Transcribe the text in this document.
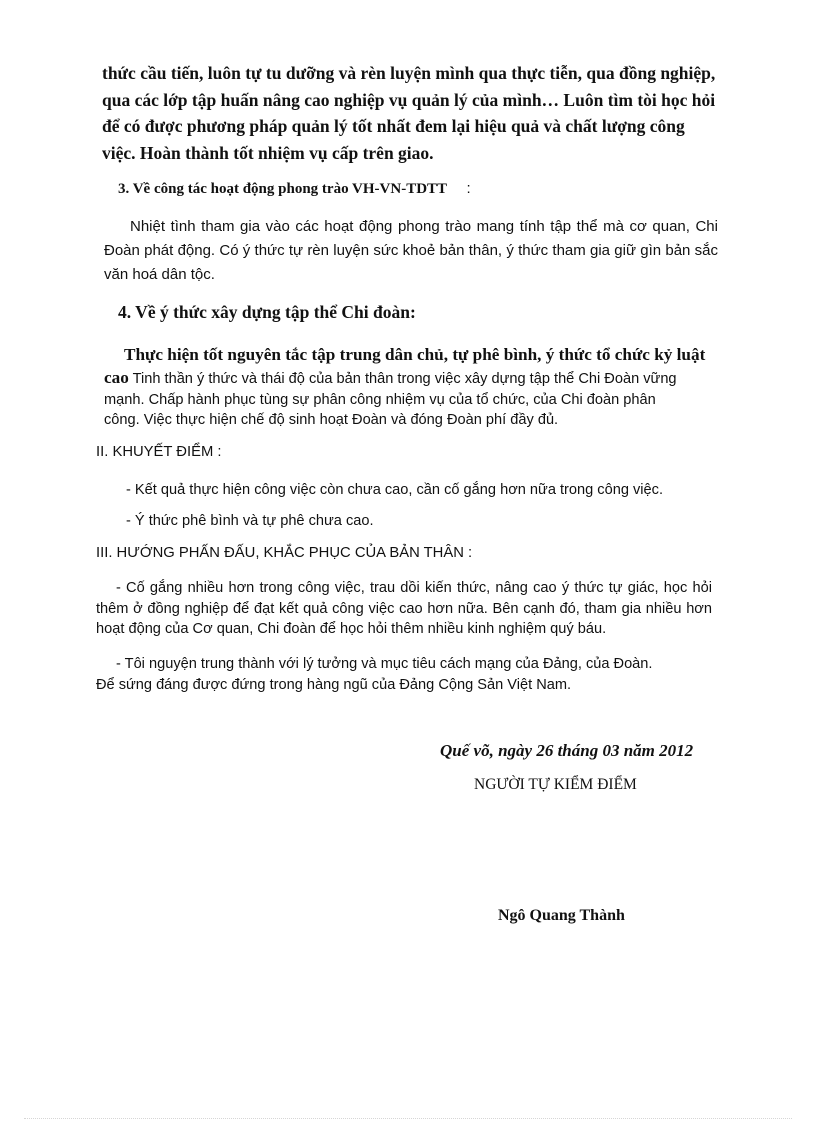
thức cầu tiến, luôn tự tu dưỡng và rèn luyện mình qua thực tiễn, qua đồng nghiệp,
qua các lớp tập huấn nâng cao nghiệp vụ quản lý của mình… Luôn tìm tòi học hỏi
để có được phương pháp quản lý tốt nhất đem lại hiệu quả và chất lượng công
việc. Hoàn thành tốt nhiệm vụ cấp trên giao.
3. Về công tác hoạt động phong trào VH-VN-TDTT :

Nhiệt tình tham gia vào các hoạt động phong trào mang tính tập thể mà cơ quan, Chi Đoàn phát động. Có ý thức tự rèn luyện sức khoẻ bản thân, ý thức tham gia giữ gìn bản sắc văn hoá dân tộc.

4. Về ý thức xây dựng tập thể Chi đoàn:
Thực hiện tốt nguyên tắc tập trung dân chủ, tự phê bình, ý thức tổ chức kỷ luật
cao Tinh thần ý thức và thái độ của bản thân trong việc xây dựng tập thể Chi Đoàn vững
mạnh. Chấp hành phục tùng sự phân công nhiệm vụ của tổ chức, của Chi đoàn phân
công. Việc thực hiện chế độ sinh hoạt Đoàn và đóng Đoàn phí đầy đủ.
II. KHUYẾT ĐIỂM :
- Kết quả thực hiện công việc còn chưa cao, cần cố gắng hơn nữa trong công việc.
- Ý thức phê bình và tự phê chưa cao.
III. HƯỚNG PHẤN ĐẤU, KHẮC PHỤC CỦA BẢN THÂN :

- Cố gắng nhiều hơn trong công việc, trau dồi kiến thức, nâng cao ý thức tự giác, học hỏi thêm ở đồng nghiệp để đạt kết quả công việc cao hơn nữa. Bên cạnh đó, tham gia nhiều hơn hoạt động của Cơ quan, Chi đoàn để học hỏi thêm nhiều kinh nghiệm quý báu.

- Tôi nguyện trung thành với lý tưởng và mục tiêu cách mạng của Đảng, của Đoàn.
Để sứng đáng được đứng trong hàng ngũ của Đảng Cộng Sản Việt Nam.
Quế võ, ngày 26 tháng 03 năm 2012
NGƯỜI TỰ KIỂM ĐIỂM
Ngô Quang Thành
